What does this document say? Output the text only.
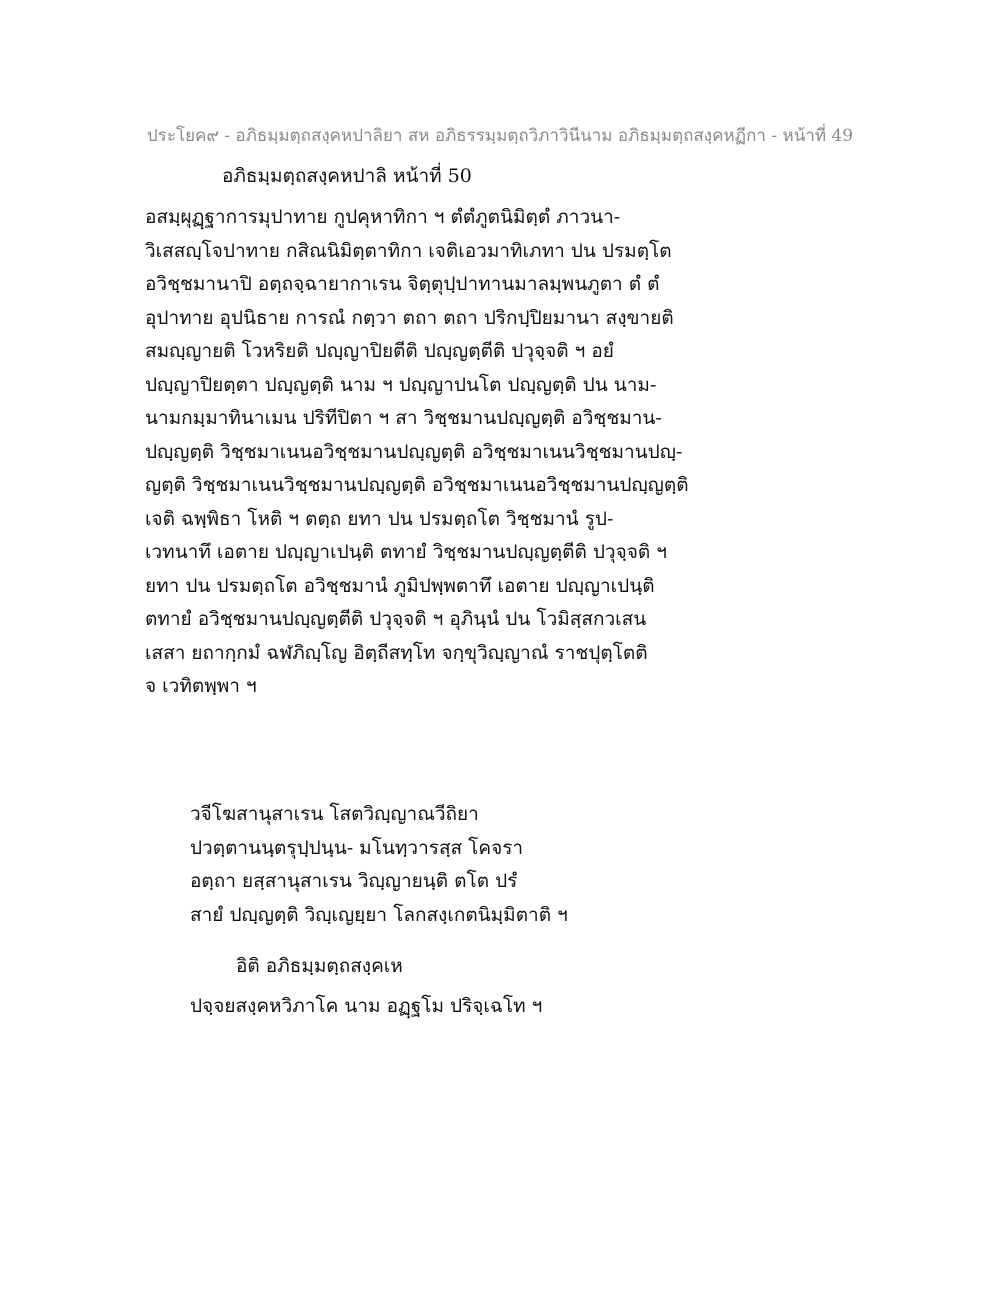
ประโยค๙ - อภิธมฺมตฺถสงฺคหปาลิยา สห อภิธรรมฺมตฺถวิภาวินีนาม อภิธมฺมตฺถสงฺคหฏีกา - หน้าที่ 49
อภิธมฺมตฺถสงฺคหปาลิ หน้าที่ 50
อสมฺผุฏฺฐาการมุปาทาย กูปคุหาทิกา ฯ ตํตํภูตนิมิตฺตํ ภาวนา-
วิเสสญฺโจปาทาย กสิณนิมิตฺตาทิกา เจติเอวมาทิเภทา ปน ปรมตฺโต
อวิชฺชมานาปิ อตฺถจฺฉายากาเรน จิตฺตุปฺปาทานมาลมฺพนภูตา ตํ ตํ
อุปาทาย อุปนิธาย การณํ กตฺวา ตถา ตถา ปริกปฺปิยมานา สงฺขายติ
สมญฺญายติ โวหริยติ ปญฺญาปิยตีติ ปญฺญตฺตีติ ปวุจฺจติ ฯ อยํ
ปญฺญาปิยตฺตา ปญฺญตฺติ นาม ฯ ปญฺญาปนโต ปญฺญตฺติ ปน นาม-
นามกมฺมาทินาเมน ปริทีปิตา ฯ สา วิชฺชมานปญฺญตฺติ อวิชฺชมาน-
ปญฺญตฺติ วิชฺชมาเนนอวิชฺชมานปญฺญตฺติ อวิชฺชมาเนนวิชฺชมานปญฺ-
ญตฺติ วิชฺชมาเนนวิชฺชมานปญฺญตฺติ อวิชฺชมาเนนอวิชฺชมานปญฺญตฺติ
เจติ ฉพฺพิธา โหติ ฯ ตตฺถ ยทา ปน ปรมตฺถโต วิชฺชมานํ รูป-
เวทนาทึ เอตาย ปญฺญาเปนฺติ ตทายํ วิชฺชมานปญฺญตฺตีติ ปวุจฺจติ ฯ
ยทา ปน ปรมตฺถโต อวิชฺชมานํ ภูมิปพฺพตาทึ เอตาย ปญฺญาเปนฺติ
ตทายํ อวิชฺชมานปญฺญตฺตีติ ปวุจฺจติ ฯ อุภินฺนํ ปน โวมิสฺสกวเสน
เสสา ยถากฺกมํ ฉฬภิญฺโญ อิตฺถีสทฺโท จกฺขุวิญฺญาณํ ราชปุตฺโตติ
จ เวทิตพฺพา ฯ
วจีโฆสานุสาเรน โสตวิญฺญาณวีถิยา
ปวตฺตานนฺตรุปฺปนฺน- มโนทฺวารสฺส โคจรา
อตฺถา ยสฺสานุสาเรน วิญฺญายนฺติ ตโต ปรํ
สายํ ปญฺญตฺติ วิญฺเญยฺยา โลกสงฺเกตนิมฺมิตาติ ฯ
อิติ อภิธมฺมตฺถสงฺคเห
ปจฺจยสงฺคหวิภาโค นาม อฏฺฐโม ปริจฺเฉโท ฯ
